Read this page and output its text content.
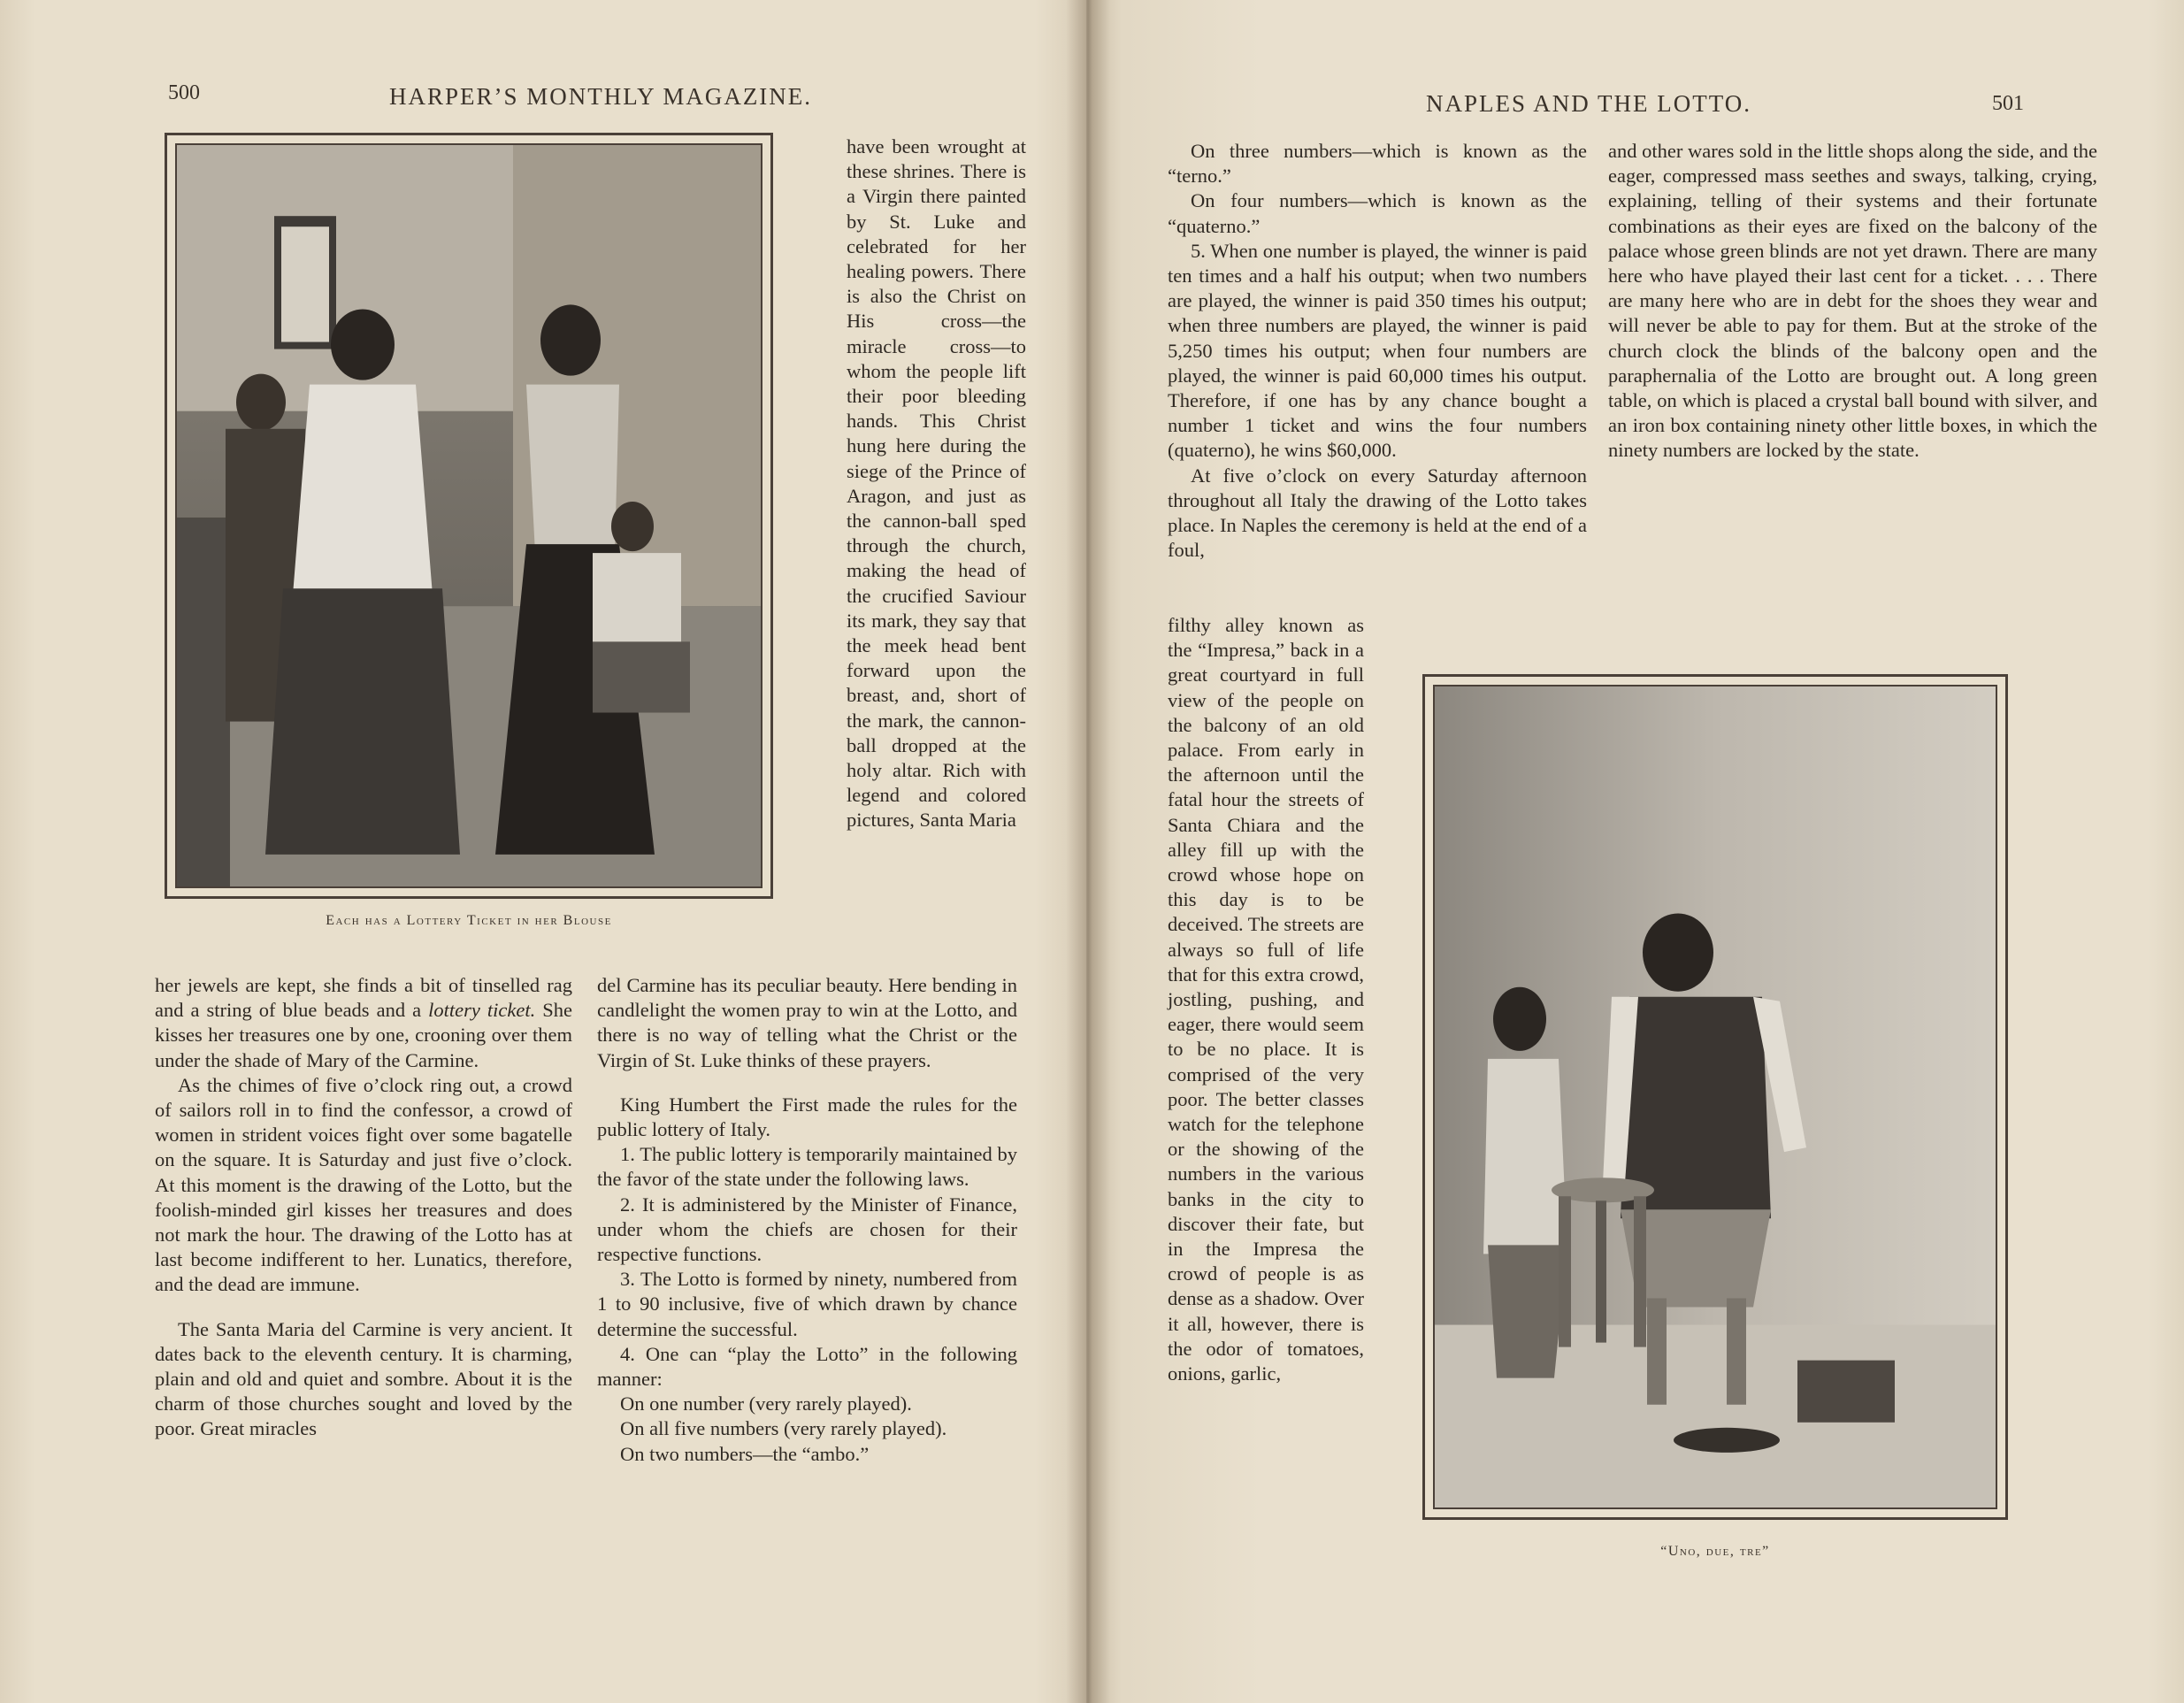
500	HARPER’S MONTHLY MAGAZINE.
Each has a Lottery Ticket in her Blouse

have been wrought at these shrines. There is a Virgin there painted by St. Luke and celebrated for her healing powers. There is also the Christ on His cross—the miracle cross—to whom the people lift their poor bleeding hands. This Christ hung here during the siege of the Prince of Aragon, and just as the cannon-ball sped through the church, making the head of the crucified Saviour its mark, they say that the meek head bent forward upon the breast, and, short of the mark, the cannon-ball dropped at the holy altar. Rich with legend and colored pictures, Santa Maria

her jewels are kept, she finds a bit of tinselled rag and a string of blue beads and a lottery ticket. She kisses her treasures one by one, crooning over them under the shade of Mary of the Carmine.

As the chimes of five o’clock ring out, a crowd of sailors roll in to find the confessor, a crowd of women in strident voices fight over some bagatelle on the square. It is Saturday and just five o’clock. At this moment is the drawing of the Lotto, but the foolish-minded girl kisses her treasures and does not mark the hour. The drawing of the Lotto has at last become indifferent to her. Lunatics, therefore, and the dead are immune.

The Santa Maria del Carmine is very ancient. It dates back to the eleventh century. It is charming, plain and old and quiet and sombre. About it is the charm of those churches sought and loved by the poor. Great miracles

del Carmine has its peculiar beauty. Here bending in candlelight the women pray to win at the Lotto, and there is no way of telling what the Christ or the Virgin of St. Luke thinks of these prayers.

King Humbert the First made the rules for the public lottery of Italy.

1. The public lottery is temporarily maintained by the favor of the state under the following laws.

2. It is administered by the Minister of Finance, under whom the chiefs are chosen for their respective functions.

3. The Lotto is formed by ninety, numbered from 1 to 90 inclusive, five of which drawn by chance determine the successful.

4. One can “play the Lotto” in the following manner:

On one number (very rarely played).

On all five numbers (very rarely played).

On two numbers—the “ambo.”

NAPLES AND THE LOTTO.	501

On three numbers—which is known as the “terno.”

On four numbers—which is known as the “quaterno.”

5. When one number is played, the winner is paid ten times and a half his output; when two numbers are played, the winner is paid 350 times his output; when three numbers are played, the winner is paid 5,250 times his output; when four numbers are played, the winner is paid 60,000 times his output. Therefore, if one has by any chance bought a number 1 ticket and wins the four numbers (quaterno), he wins $60,000.

At five o’clock on every Saturday afternoon throughout all Italy the drawing of the Lotto takes place. In Naples the ceremony is held at the end of a foul,

filthy alley known as the “Impresa,” back in a great courtyard in full view of the people on the balcony of an old palace. From early in the afternoon until the fatal hour the streets of Santa Chiara and the alley fill up with the crowd whose hope on this day is to be deceived. The streets are always so full of life that for this extra crowd, jostling, pushing, and eager, there would seem to be no place. It is comprised of the very poor. The better classes watch for the telephone or the showing of the numbers in the various banks in the city to discover their fate, but in the Impresa the crowd of people is as dense as a shadow. Over it all, however, there is the odor of tomatoes, onions, garlic,

and other wares sold in the little shops along the side, and the eager, compressed mass seethes and sways, talking, crying, explaining, telling of their systems and their fortunate combinations as their eyes are fixed on the balcony of the palace whose green blinds are not yet drawn. There are many here who have played their last cent for a ticket. . . . There are many here who are in debt for the shoes they wear and will never be able to pay for them. But at the stroke of the church clock the blinds of the balcony open and the paraphernalia of the Lotto are brought out. A long green table, on which is placed a crystal ball bound with silver, and an iron box containing ninety other little boxes, in which the ninety numbers are locked by the state.

“Uno, due, tre”
